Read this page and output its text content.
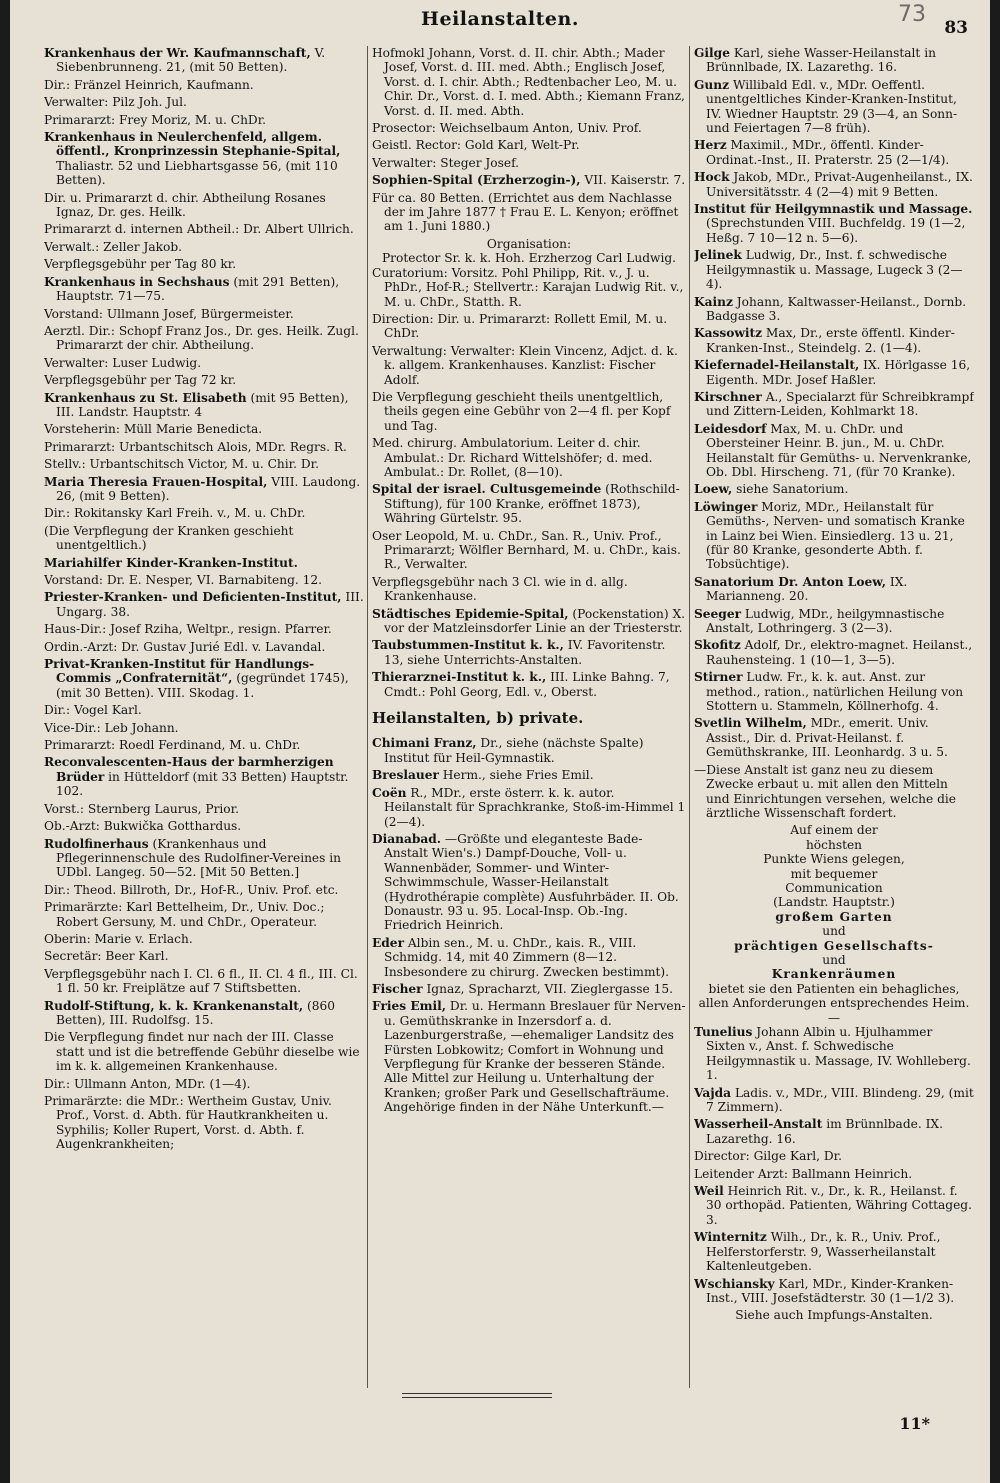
Heilanstalten.	73
83
Krankenhaus der Wr. Kaufmannschaft, V. Siebenbrunneng. 21, (mit 50 Betten).
Dir.: Fränzel Heinrich, Kaufmann.
Verwalter: Pilz Joh. Jul.
Primararzt: Frey Moriz, M. u. ChDr.
Krankenhaus in Neulerchenfeld, allgem. öffentl., Kronprinzessin Stephanie-Spital, Thaliastr. 52 und Liebhartsgasse 56, (mit 110 Betten).
Dir. u. Primararzt d. chir. Abtheilung Rosanes Ignaz, Dr. ges. Heilk.
Primararzt d. internen Abtheil.: Dr. Albert Ullrich.
Verwalt.: Zeller Jakob.
Verpflegsgebühr per Tag 80 kr.
Krankenhaus in Sechshaus (mit 291 Betten), Hauptstr. 71—75.
Vorstand: Ullmann Josef, Bürgermeister.
Aerztl. Dir.: Schopf Franz Jos., Dr. ges. Heilk. Zugl. Primararzt der chir. Abtheilung.
Verwalter: Luser Ludwig.
Verpflegsgebühr per Tag 72 kr.
Krankenhaus zu St. Elisabeth (mit 95 Betten), III. Landstr. Hauptstr. 4
Vorsteherin: Müll Marie Benedicta.
Primararzt: Urbantschitsch Alois, MDr. Regrs. R.
Stellv.: Urbantschitsch Victor, M. u. Chir. Dr.
Maria Theresia Frauen-Hospital, VIII. Laudong. 26, (mit 9 Betten).
Dir.: Rokitansky Karl Freih. v., M. u. ChDr.
(Die Verpflegung der Kranken geschieht unentgeltlich.)
Mariahilfer Kinder-Kranken-Institut.
Vorstand: Dr. E. Nesper, VI. Barnabiteng. 12.
Priester-Kranken- und Deficienten-Institut, III. Ungarg. 38.
Haus-Dir.: Josef Rziha, Weltpr., resign. Pfarrer.
Ordin.-Arzt: Dr. Gustav Jurié Edl. v. Lavandal.
Privat-Kranken-Institut für Handlungs-Commis „Confraternität“, (gegründet 1745), (mit 30 Betten). VIII. Skodag. 1.
Dir.: Vogel Karl.
Vice-Dir.: Leb Johann.
Primararzt: Roedl Ferdinand, M. u. ChDr.
Reconvalescenten-Haus der barmherzigen Brüder in Hütteldorf (mit 33 Betten) Hauptstr. 102.
Vorst.: Sternberg Laurus, Prior.
Ob.-Arzt: Bukwička Gotthardus.
Rudolfinerhaus (Krankenhaus und Pflegerinnenschule des Rudolfiner-Vereines in UDbl. Langeg. 50—52. [Mit 50 Betten.]
Dir.: Theod. Billroth, Dr., Hof-R., Univ. Prof. etc.
Primarärzte: Karl Bettelheim, Dr., Univ. Doc.; Robert Gersuny, M. und ChDr., Operateur.
Oberin: Marie v. Erlach.
Secretär: Beer Karl.
Verpflegsgebühr nach I. Cl. 6 fl., II. Cl. 4 fl., III. Cl. 1 fl. 50 kr. Freiplätze auf 7 Stiftsbetten.
Rudolf-Stiftung, k. k. Krankenanstalt, (860 Betten), III. Rudolfsg. 15.
Die Verpflegung findet nur nach der III. Classe statt und ist die betreffende Gebühr dieselbe wie im k. k. allgemeinen Krankenhause.
Dir.: Ullmann Anton, MDr. (1—4).
Primarärzte: die MDr.: Wertheim Gustav, Univ. Prof., Vorst. d. Abth. für Hautkrankheiten u. Syphilis; Koller Rupert, Vorst. d. Abth. f. Augenkrankheiten;
Hofmokl Johann, Vorst. d. II. chir. Abth.; Mader Josef, Vorst. d. III. med. Abth.; Englisch Josef, Vorst. d. I. chir. Abth.; Redtenbacher Leo, M. u. Chir. Dr., Vorst. d. I. med. Abth.; Kiemann Franz, Vorst. d. II. med. Abth.
Prosector: Weichselbaum Anton, Univ. Prof.
Geistl. Rector: Gold Karl, Welt-Pr.
Verwalter: Steger Josef.
Sophien-Spital (Erzherzogin-), VII. Kaiserstr. 7.
Für ca. 80 Betten. (Errichtet aus dem Nachlasse der im Jahre 1877 † Frau E. L. Kenyon; eröffnet am 1. Juni 1880.)
Organisation:
Protector Sr. k. k. Hoh. Erzherzog Carl Ludwig.
Curatorium: Vorsitz. Pohl Philipp, Rit. v., J. u. PhDr., Hof-R.; Stellvertr.: Karajan Ludwig Rit. v., M. u. ChDr., Statth. R.
Direction: Dir. u. Primararzt: Rollett Emil, M. u. ChDr.
Verwaltung: Verwalter: Klein Vincenz, Adjct. d. k. k. allgem. Krankenhauses. Kanzlist: Fischer Adolf.
Die Verpflegung geschieht theils unentgeltlich, theils gegen eine Gebühr von 2—4 fl. per Kopf und Tag.
Med. chirurg. Ambulatorium. Leiter d. chir. Ambulat.: Dr. Richard Wittelshöfer; d. med. Ambulat.: Dr. Rollet, (8—10).
Spital der israel. Cultusgemeinde (Rothschild-Stiftung), für 100 Kranke, eröffnet 1873), Währing Gürtelstr. 95.
Oser Leopold, M. u. ChDr., San. R., Univ. Prof., Primararzt; Wölfler Bernhard, M. u. ChDr., kais. R., Verwalter.
Verpflegsgebühr nach 3 Cl. wie in d. allg. Krankenhause.
Städtisches Epidemie-Spital, (Pockenstation) X. vor der Matzleinsdorfer Linie an der Triesterstr.
Taubstummen-Institut k. k., IV. Favoritenstr. 13, siehe Unterrichts-Anstalten.
Thierarznei-Institut k. k., III. Linke Bahng. 7, Cmdt.: Pohl Georg, Edl. v., Oberst.
Heilanstalten, b) private.
Chimani Franz, Dr., siehe (nächste Spalte) Institut für Heil-Gymnastik.
Breslauer Herm., siehe Fries Emil.
Coën R., MDr., erste österr. k. k. autor. Heilanstalt für Sprachkranke, Stoß-im-Himmel 1 (2—4).
Dianabad. —Größte und eleganteste Bade-Anstalt Wien's.) Dampf-Douche, Voll- u. Wannenbäder, Sommer- und Winter-Schwimmschule, Wasser-Heilanstalt (Hydrothérapie complète) Ausfuhrbäder. II. Ob. Donaustr. 93 u. 95. Local-Insp. Ob.-Ing. Friedrich Heinrich.
Eder Albin sen., M. u. ChDr., kais. R., VIII. Schmidg. 14, mit 40 Zimmern (8—12. Insbesondere zu chirurg. Zwecken bestimmt).
Fischer Ignaz, Spracharzt, VII. Zieglergasse 15.
Fries Emil, Dr. u. Hermann Breslauer für Nerven- u. Gemüthskranke in Inzersdorf a. d. Lazenburgerstraße, —ehemaliger Landsitz des Fürsten Lobkowitz; Comfort in Wohnung und Verpflegung für Kranke der besseren Stände. Alle Mittel zur Heilung u. Unterhaltung der Kranken; großer Park und Gesellschafträume. Angehörige finden in der Nähe Unterkunft.—
Gilge Karl, siehe Wasser-Heilanstalt in Brünnlbade, IX. Lazarethg. 16.
Gunz Willibald Edl. v., MDr. Oeffentl. unentgeltliches Kinder-Kranken-Institut, IV. Wiedner Hauptstr. 29 (3—4, an Sonn- und Feiertagen 7—8 früh).
Herz Maximil., MDr., öffentl. Kinder-Ordinat.-Inst., II. Praterstr. 25 (2—1/4).
Hock Jakob, MDr., Privat-Augenheilanst., IX. Universitätsstr. 4 (2—4) mit 9 Betten.
Institut für Heilgymnastik und Massage. (Sprechstunden VIII. Buchfeldg. 19 (1—2, Heßg. 7 10—12 n. 5—6).
Jelinek Ludwig, Dr., Inst. f. schwedische Heilgymnastik u. Massage, Lugeck 3 (2—4).
Kainz Johann, Kaltwasser-Heilanst., Dornb. Badgasse 3.
Kassowitz Max, Dr., erste öffentl. Kinder-Kranken-Inst., Steindelg. 2. (1—4).
Kiefernadel-Heilanstalt, IX. Hörlgasse 16, Eigenth. MDr. Josef Haßler.
Kirschner A., Specialarzt für Schreibkrampf und Zittern-Leiden, Kohlmarkt 18.
Leidesdorf Max, M. u. ChDr. und Obersteiner Heinr. B. jun., M. u. ChDr. Heilanstalt für Gemüths- u. Nervenkranke, Ob. Dbl. Hirscheng. 71, (für 70 Kranke).
Loew, siehe Sanatorium.
Löwinger Moriz, MDr., Heilanstalt für Gemüths-, Nerven- und somatisch Kranke in Lainz bei Wien. Einsiedlerg. 13 u. 21, (für 80 Kranke, gesonderte Abth. f. Tobsüchtige).
Sanatorium Dr. Anton Loew, IX. Marianneng. 20.
Seeger Ludwig, MDr., heilgymnastische Anstalt, Lothringerg. 3 (2—3).
Skofitz Adolf, Dr., elektro-magnet. Heilanst., Rauhensteing. 1 (10—1, 3—5).
Stirner Ludw. Fr., k. k. aut. Anst. zur method., ration., natürlichen Heilung von Stottern u. Stammeln, Köllnerhofg. 4.
Svetlin Wilhelm, MDr., emerit. Univ. Assist., Dir. d. Privat-Heilanst. f. Gemüthskranke, III. Leonhardg. 3 u. 5.
—Diese Anstalt ist ganz neu zu diesem Zwecke erbaut u. mit allen den Mitteln und Einrichtungen versehen, welche die ärztliche Wissenschaft fordert.
Auf einem der
höchsten
Punkte Wiens gelegen,
mit bequemer
Communication
(Landstr. Hauptstr.)
großem Garten
und
prächtigen Gesellschafts-
und
Krankenräumen
bietet sie den Patienten ein behagliches, allen Anforderungen entsprechendes Heim.—
Tunelius Johann Albin u. Hjulhammer Sixten v., Anst. f. Schwedische Heilgymnastik u. Massage, IV. Wohlleberg. 1.
Vajda Ladis. v., MDr., VIII. Blindeng. 29, (mit 7 Zimmern).
Wasserheil-Anstalt im Brünnlbade. IX. Lazarethg. 16.
Director: Gilge Karl, Dr.
Leitender Arzt: Ballmann Heinrich.
Weil Heinrich Rit. v., Dr., k. R., Heilanst. f. 30 orthopäd. Patienten, Währing Cottageg. 3.
Winternitz Wilh., Dr., k. R., Univ. Prof., Helferstorferstr. 9, Wasserheilanstalt Kaltenleutgeben.
Wschiansky Karl, MDr., Kinder-Kranken-Inst., VIII. Josefstädterstr. 30 (1—1/2 3).
Siehe auch Impfungs-Anstalten.
11*
